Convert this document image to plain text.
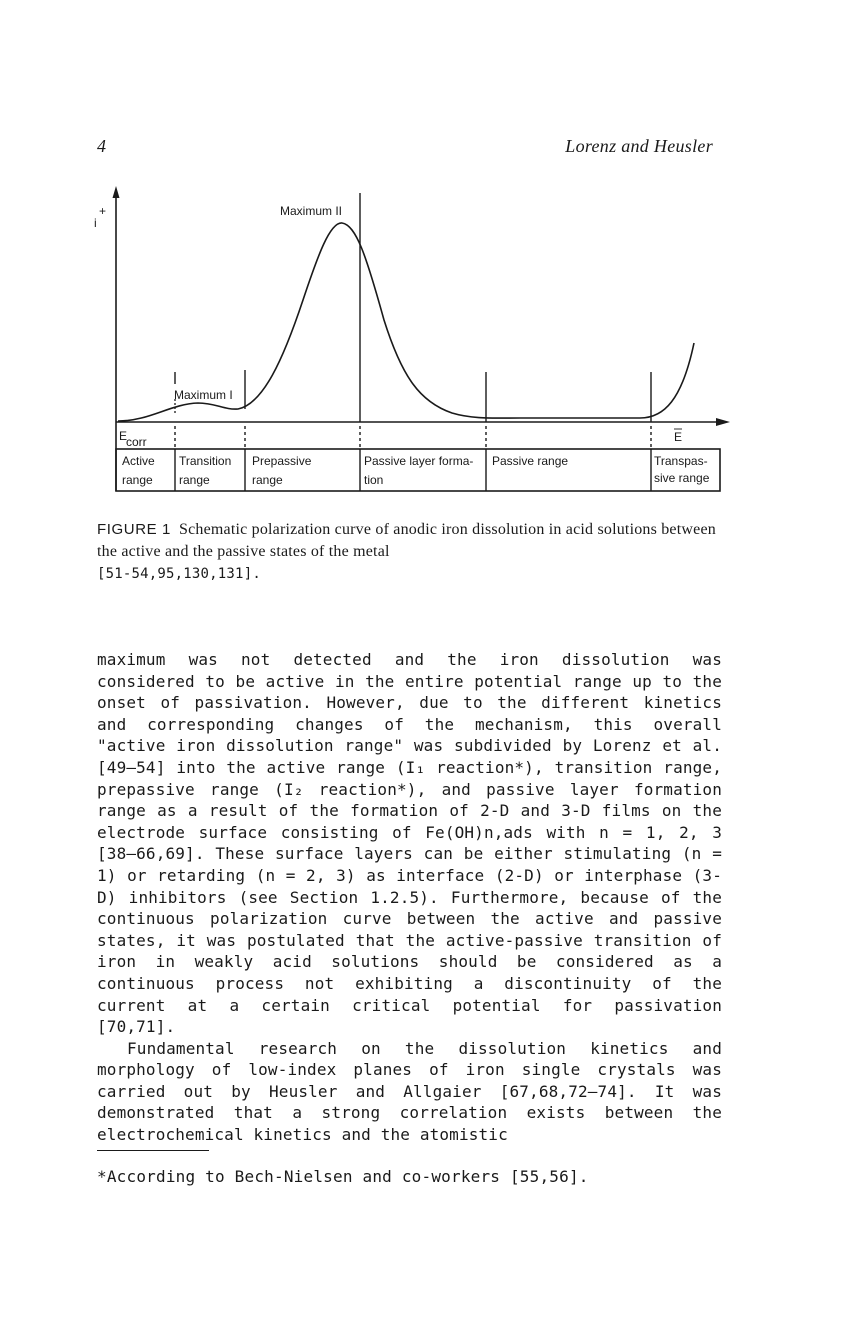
4	Lorenz and Heusler
i
+
E
E
corr
Maximum I
Maximum II
Active
range
Transition
range
Prepassive
range
Passive layer forma-
tion
Passive range	Transpas-
sive range
FIGURE 1 Schematic polarization curve of anodic iron dissolution in acid solutions between the active and the passive states of the metal
[51-54,95,130,131].

maximum was not detected and the iron dissolution was considered to be active in the entire potential range up to the onset of passivation. However, due to the different kinetics and corresponding changes of the mechanism, this overall "active iron dissolution range" was subdivided by Lorenz et al. [49–54] into the active range (I₁ reaction*), transition range, prepassive range (I₂ reaction*), and passive layer formation range as a result of the formation of 2-D and 3-D films on the electrode surface consisting of Fe(OH)n,ads with n = 1, 2, 3 [38–66,69]. These surface layers can be either stimulating (n = 1) or retarding (n = 2, 3) as interface (2-D) or interphase (3-D) inhibitors (see Section 1.2.5). Furthermore, because of the continuous polarization curve between the active and passive states, it was postulated that the active-passive transition of iron in weakly acid solutions should be considered as a continuous process not exhibiting a discontinuity of the current at a certain critical potential for passivation [70,71].

Fundamental research on the dissolution kinetics and morphology of low-index planes of iron single crystals was carried out by Heusler and Allgaier [67,68,72–74]. It was demonstrated that a strong correlation exists between the electrochemical kinetics and the atomistic

*According to Bech-Nielsen and co-workers [55,56].
